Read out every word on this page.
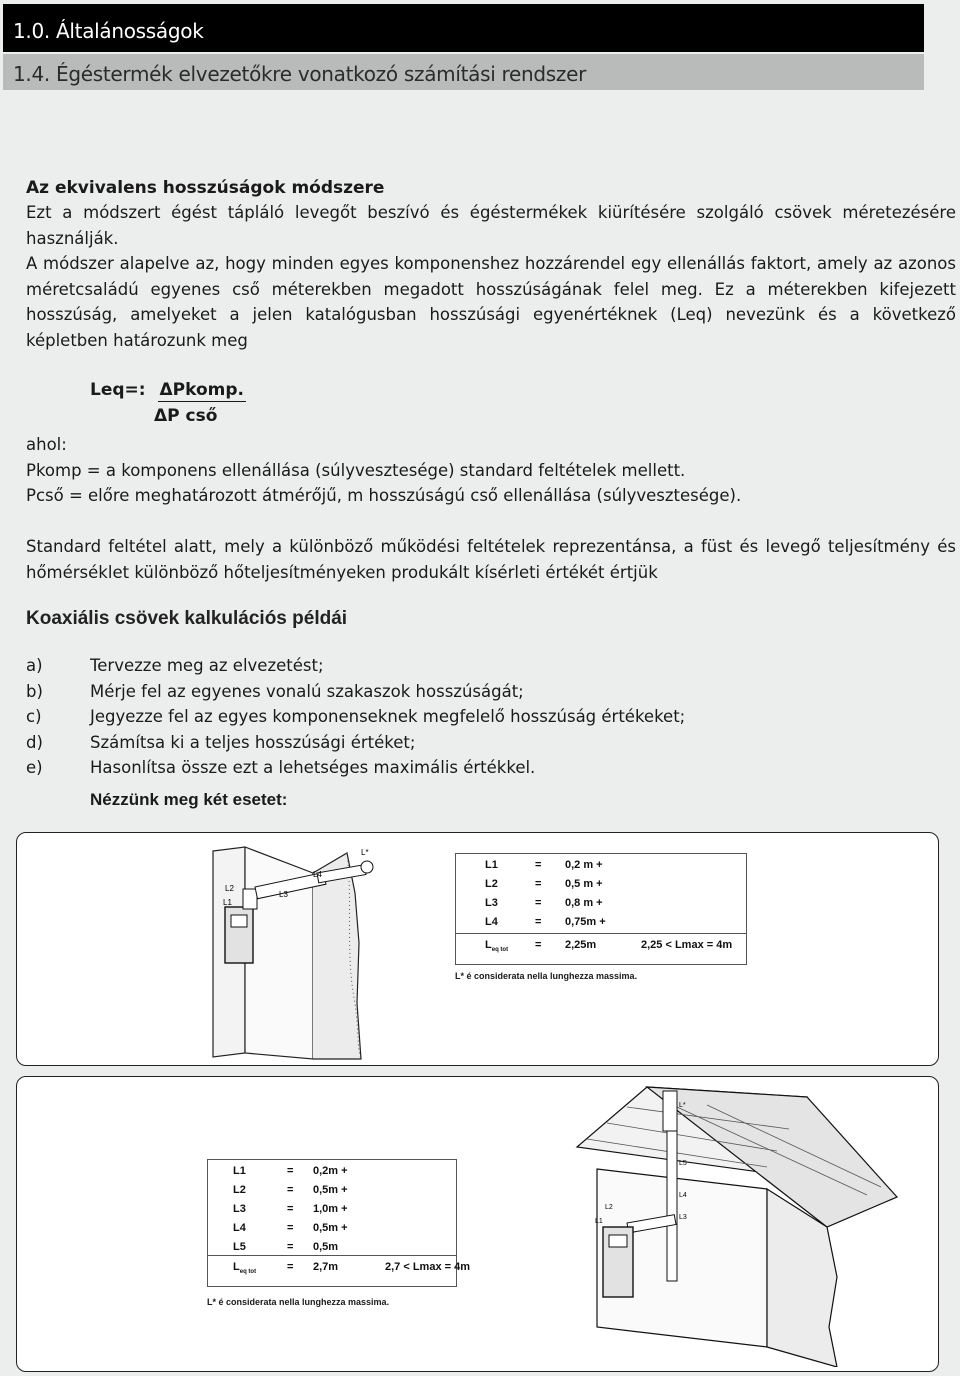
1.0. Általánosságok
1.4. Égéstermék elvezetőkre vonatkozó számítási rendszer
Az ekvivalens hosszúságok módszere

Ezt a módszert égést tápláló levegőt beszívó és égéstermékek kiürítésére szolgáló csövek méretezésére használják.

A módszer alapelve az, hogy minden egyes komponenshez hozzárendel egy ellenállás faktort, amely az azonos méretcsaládú egyenes cső méterekben megadott hosszúságának felel meg. Ez a méterekben kifejezett hosszúság, amelyeket a jelen katalógusban hosszúsági egyenértéknek (Leq) nevezünk és a következő képletben határozunk meg

Leq=: ΔPkomp.
ΔP cső
ahol:
Pkomp = a komponens ellenállása (súlyvesztesége) standard feltételek mellett.
Pcső = előre meghatározott átmérőjű, m hosszúságú cső ellenállása (súlyvesztesége).

Standard feltétel alatt, mely a különböző működési feltételek reprezentánsa, a füst és levegő teljesítmény és hőmérséklet különböző hőteljesítményeken produkált kísérleti értékét értjük

Koaxiális csövek kalkulációs példái
a)	Tervezze meg az elvezetést;
b)	Mérje fel az egyenes vonalú szakaszok hosszúságát;
c)	Jegyezze fel az egyes komponenseknek megfelelő hosszúság értékeket;
d)	Számítsa ki a teljes hosszúsági értéket;
e)	Hasonlítsa össze ezt a lehetséges maximális értékkel.
Nézzünk meg két esetet:
L2
L1
L3
L4
L*
L1	= 0,2 m +
L2	= 0,5 m +
L3	= 0,8 m +
L4	= 0,75m +
$L_{eq tot} = 2,25m$	2,25 < Lmax = 4m
L* é considerata nella lunghezza massima.
L1	= 0,2m +
L2	= 0,5m +
L3	= 1,0m +
L4	= 0,5m +
L5	= 0,5m
$L_{eq tot}$	= 2,7m	2,7 < Lmax = 4m
L* é considerata nella lunghezza massima.
L*
L5
L4
L3
L2
L1
